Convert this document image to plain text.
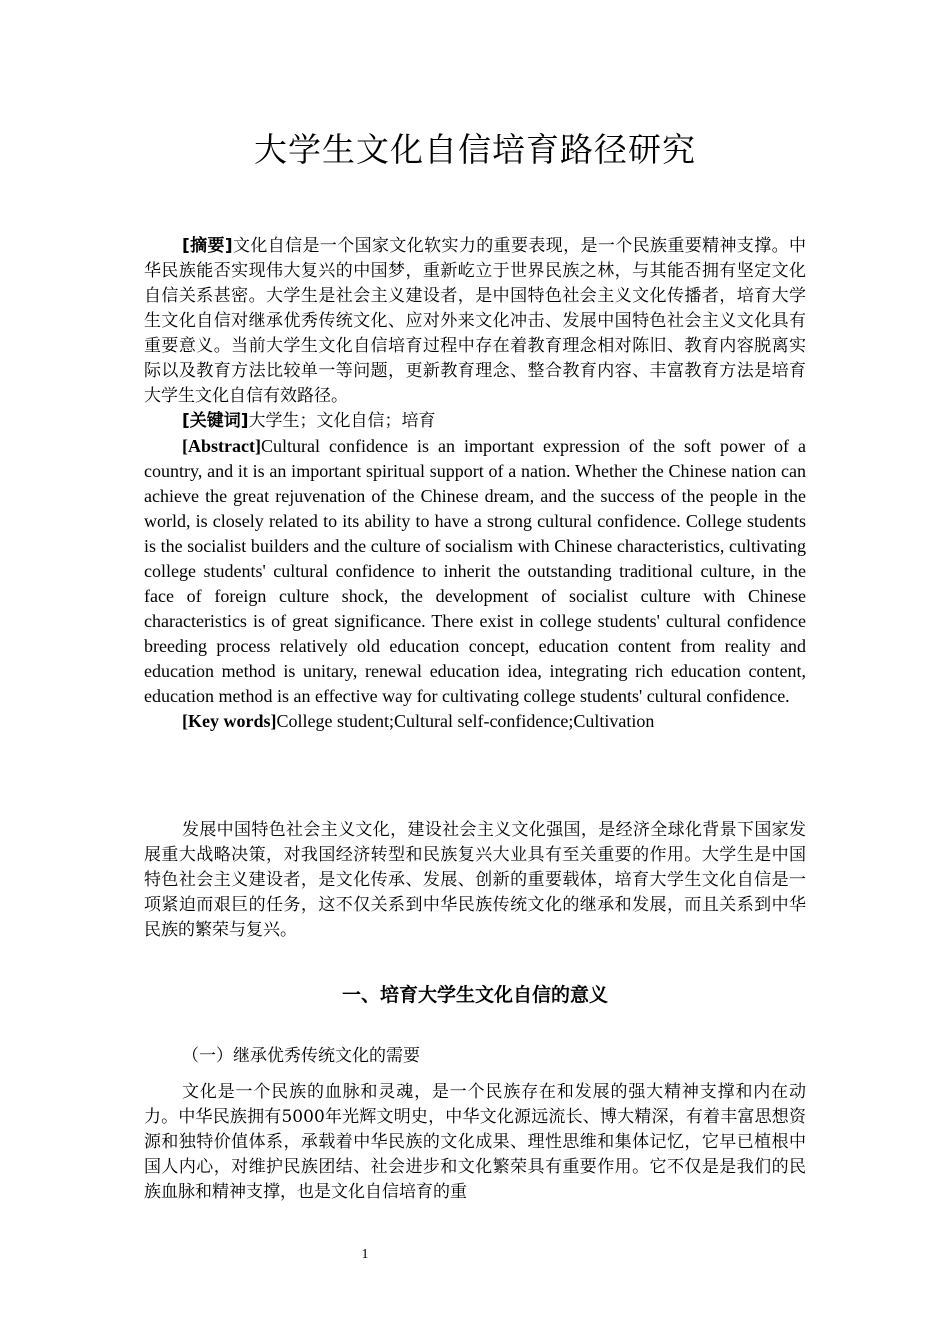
大学生文化自信培育路径研究

[摘要]文化自信是一个国家文化软实力的重要表现，是一个民族重要精神支撑。中华民族能否实现伟大复兴的中国梦，重新屹立于世界民族之林，与其能否拥有坚定文化自信关系甚密。大学生是社会主义建设者，是中国特色社会主义文化传播者，培育大学生文化自信对继承优秀传统文化、应对外来文化冲击、发展中国特色社会主义文化具有重要意义。当前大学生文化自信培育过程中存在着教育理念相对陈旧、教育内容脱离实际以及教育方法比较单一等问题，更新教育理念、整合教育内容、丰富教育方法是培育大学生文化自信有效路径。

[关键词]大学生；文化自信；培育

[Abstract]Cultural confidence is an important expression of the soft power of a country, and it is an important spiritual support of a nation. Whether the Chinese nation can achieve the great rejuvenation of the Chinese dream, and the success of the people in the world, is closely related to its ability to have a strong cultural confidence. College students is the socialist builders and the culture of socialism with Chinese characteristics, cultivating college students' cultural confidence to inherit the outstanding traditional culture, in the face of foreign culture shock, the development of socialist culture with Chinese characteristics is of great significance. There exist in college students' cultural confidence breeding process relatively old education concept, education content from reality and education method is unitary, renewal education idea, integrating rich education content, education method is an effective way for cultivating college students' cultural confidence.

[Key words]College student;Cultural self-confidence;Cultivation

发展中国特色社会主义文化，建设社会主义文化强国，是经济全球化背景下国家发展重大战略决策，对我国经济转型和民族复兴大业具有至关重要的作用。大学生是中国特色社会主义建设者，是文化传承、发展、创新的重要载体，培育大学生文化自信是一项紧迫而艰巨的任务，这不仅关系到中华民族传统文化的继承和发展，而且关系到中华民族的繁荣与复兴。

一、培育大学生文化自信的意义
（一）继承优秀传统文化的需要

文化是一个民族的血脉和灵魂，是一个民族存在和发展的强大精神支撑和内在动力。中华民族拥有5000年光辉文明史，中华文化源远流长、博大精深，有着丰富思想资源和独特价值体系，承载着中华民族的文化成果、理性思维和集体记忆，它早已植根中国人内心，对维护民族团结、社会进步和文化繁荣具有重要作用。它不仅是是我们的民族血脉和精神支撑，也是文化自信培育的重

1
